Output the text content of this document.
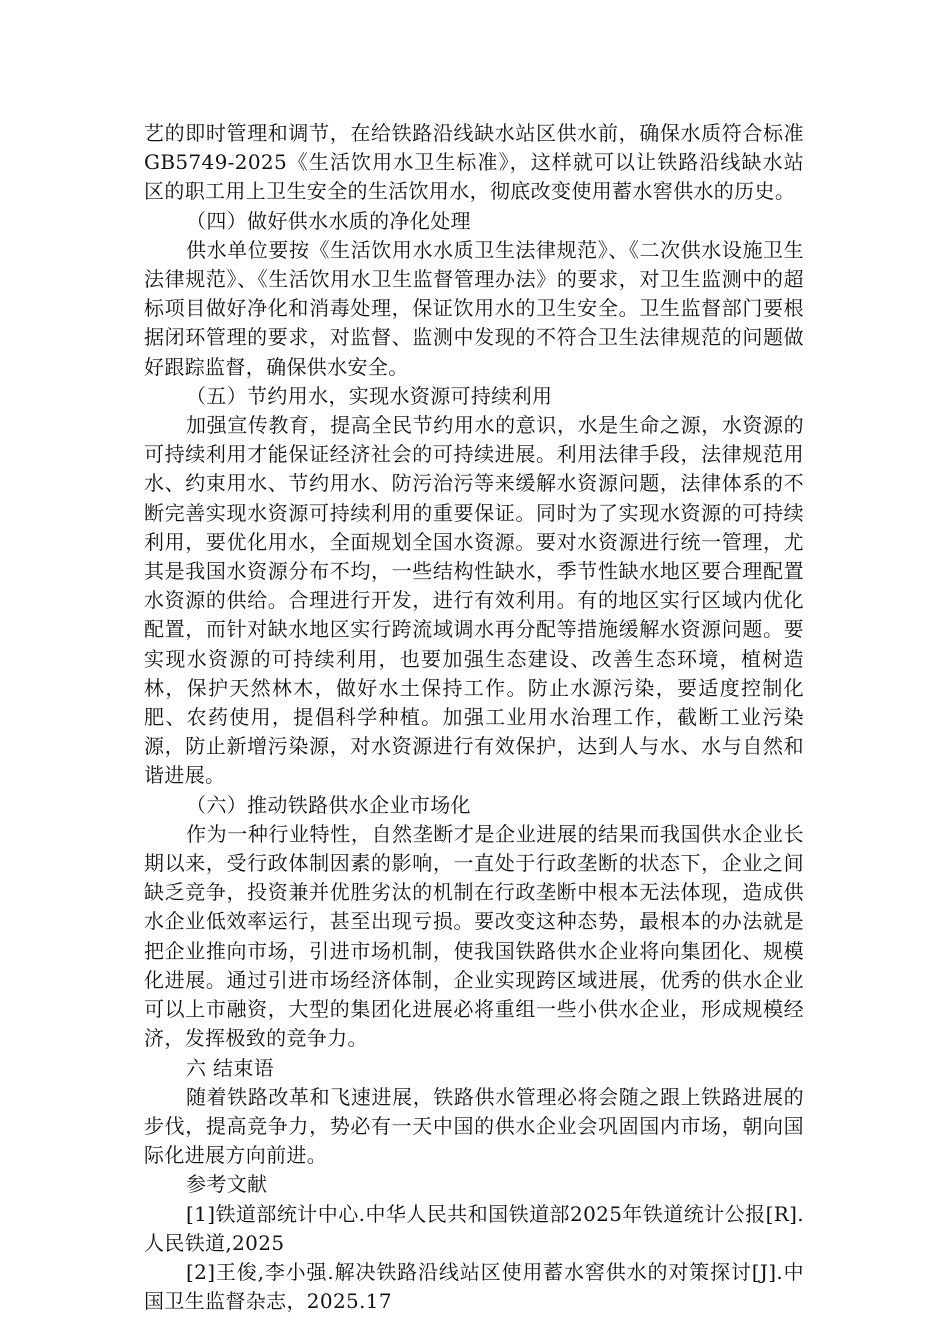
艺的即时管理和调节，在给铁路沿线缺水站区供水前，确保水质符合标准GB5749-2025《生活饮用水卫生标准》，这样就可以让铁路沿线缺水站区的职工用上卫生安全的生活饮用水，彻底改变使用蓄水窖供水的历史。

（四）做好供水水质的净化处理

供水单位要按《生活饮用水水质卫生法律规范》、《二次供水设施卫生法律规范》、《生活饮用水卫生监督管理办法》的要求，对卫生监测中的超标项目做好净化和消毒处理，保证饮用水的卫生安全。卫生监督部门要根据闭环管理的要求，对监督、监测中发现的不符合卫生法律规范的问题做好跟踪监督，确保供水安全。

（五）节约用水，实现水资源可持续利用

加强宣传教育，提高全民节约用水的意识，水是生命之源，水资源的可持续利用才能保证经济社会的可持续进展。利用法律手段，法律规范用水、约束用水、节约用水、防污治污等来缓解水资源问题，法律体系的不断完善实现水资源可持续利用的重要保证。同时为了实现水资源的可持续利用，要优化用水，全面规划全国水资源。要对水资源进行统一管理，尤其是我国水资源分布不均，一些结构性缺水，季节性缺水地区要合理配置水资源的供给。合理进行开发，进行有效利用。有的地区实行区域内优化配置，而针对缺水地区实行跨流域调水再分配等措施缓解水资源问题。要实现水资源的可持续利用，也要加强生态建设、改善生态环境，植树造林，保护天然林木，做好水土保持工作。防止水源污染，要适度控制化肥、农药使用，提倡科学种植。加强工业用水治理工作，截断工业污染源，防止新增污染源，对水资源进行有效保护，达到人与水、水与自然和谐进展。

（六）推动铁路供水企业市场化

作为一种行业特性，自然垄断才是企业进展的结果而我国供水企业长期以来，受行政体制因素的影响，一直处于行政垄断的状态下，企业之间缺乏竞争，投资兼并优胜劣汰的机制在行政垄断中根本无法体现，造成供水企业低效率运行，甚至出现亏损。要改变这种态势，最根本的办法就是把企业推向市场，引进市场机制，使我国铁路供水企业将向集团化、规模化进展。通过引进市场经济体制，企业实现跨区域进展，优秀的供水企业可以上市融资，大型的集团化进展必将重组一些小供水企业，形成规模经济，发挥极致的竞争力。

六 结束语

随着铁路改革和飞速进展，铁路供水管理必将会随之跟上铁路进展的步伐，提高竞争力，势必有一天中国的供水企业会巩固国内市场，朝向国际化进展方向前进。

参考文献

[1]铁道部统计中心.中华人民共和国铁道部2025年铁道统计公报[R].人民铁道,2025

[2]王俊,李小强.解决铁路沿线站区使用蓄水窖供水的对策探讨[J].中国卫生监督杂志，2025.17
